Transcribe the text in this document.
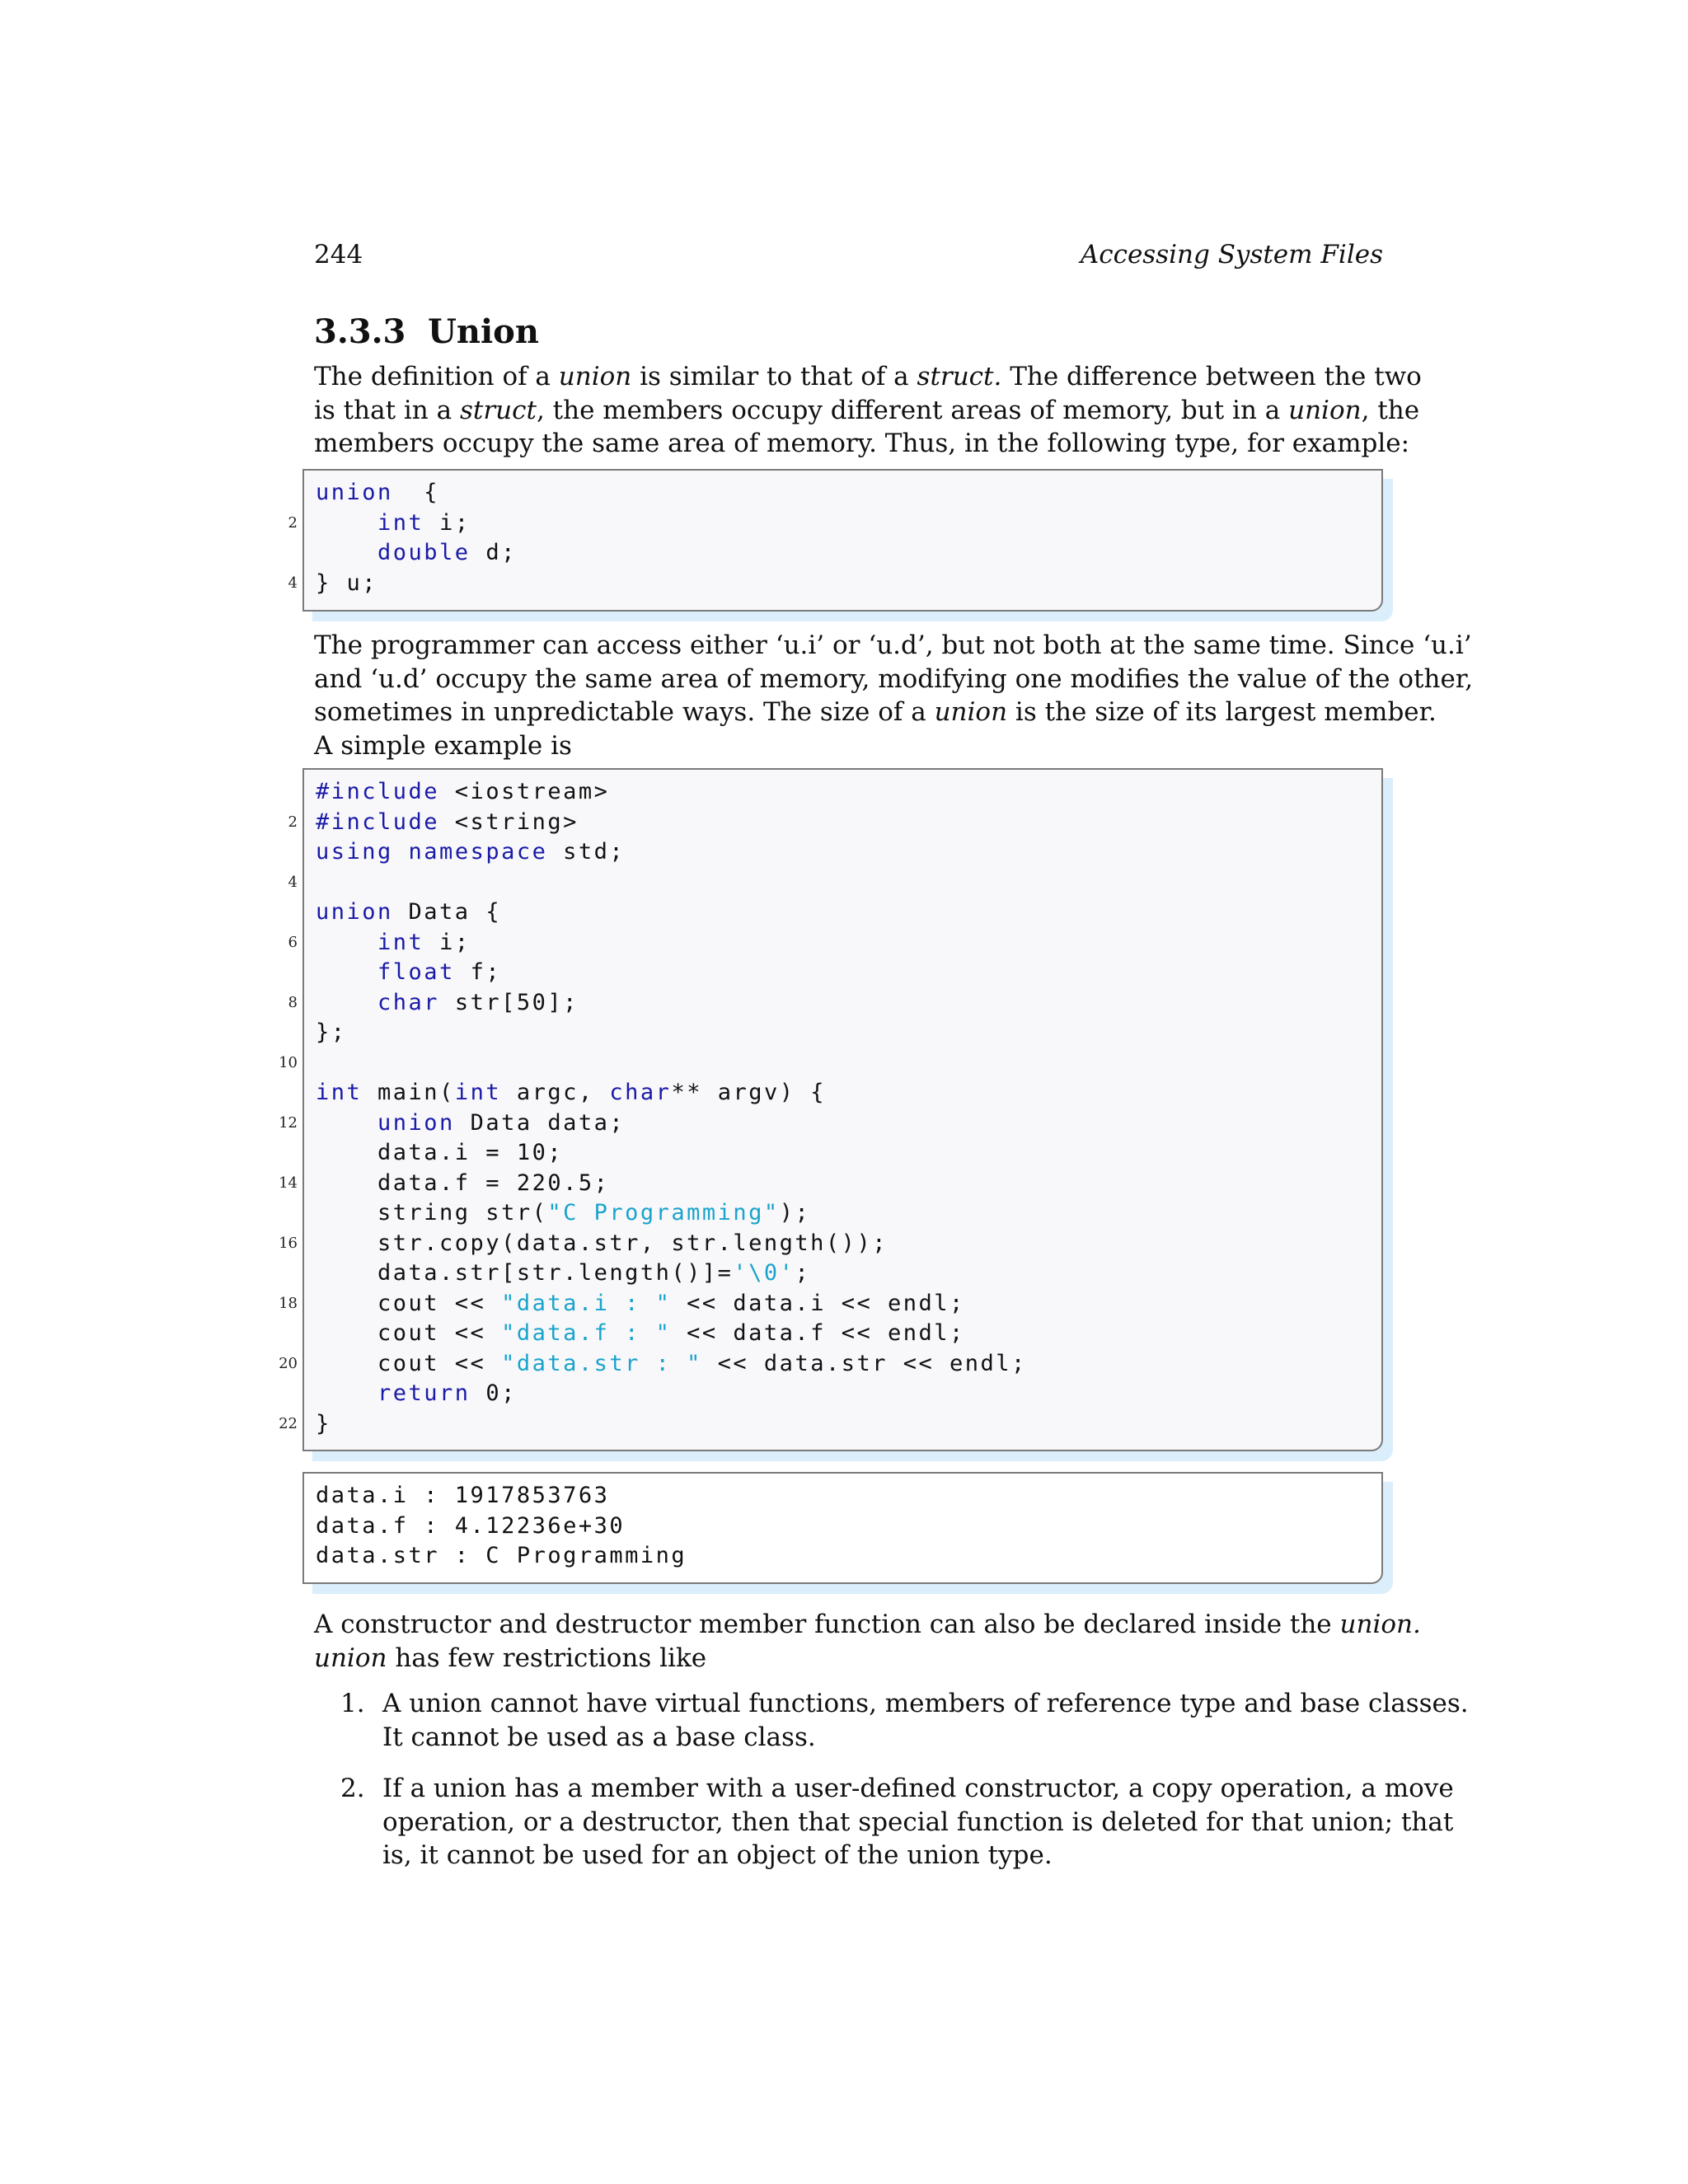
244	Accessing System Files
3.3.3 Union
The definition of a union is similar to that of a struct. The difference between the two
is that in a struct, the members occupy different areas of memory, but in a union, the
members occupy the same area of memory. Thus, in the following type, for example:
union  {
2	int i;
double d;
4 } u;
The programmer can access either ‘u.i’ or ‘u.d’, but not both at the same time. Since ‘u.i’
and ‘u.d’ occupy the same area of memory, modifying one modifies the value of the other,
sometimes in unpredictable ways. The size of a union is the size of its largest member.
A simple example is
#include <iostream>
2 #include <string>
using namespace std;
4
union Data {
6	int i;
float f;
8	char str[50];
};
10
int main(int argc, char** argv) {
12	union Data data;
data.i = 10;
14 data.f = 220.5;
string str("C Programming");
16 str.copy(data.str, str.length());
data.str[str.length()]='\0';
18 cout << "data.i : " << data.i << endl;
cout << "data.f : " << data.f << endl;
20 cout << "data.str : " << data.str << endl;
return 0;
22 }
data.i : 1917853763
data.f : 4.12236e+30
data.str : C Programming
A constructor and destructor member function can also be declared inside the union.
union has few restrictions like
1. A union cannot have virtual functions, members of reference type and base classes.
It cannot be used as a base class.
2. If a union has a member with a user-defined constructor, a copy operation, a move
operation, or a destructor, then that special function is deleted for that union; that
is, it cannot be used for an object of the union type.
